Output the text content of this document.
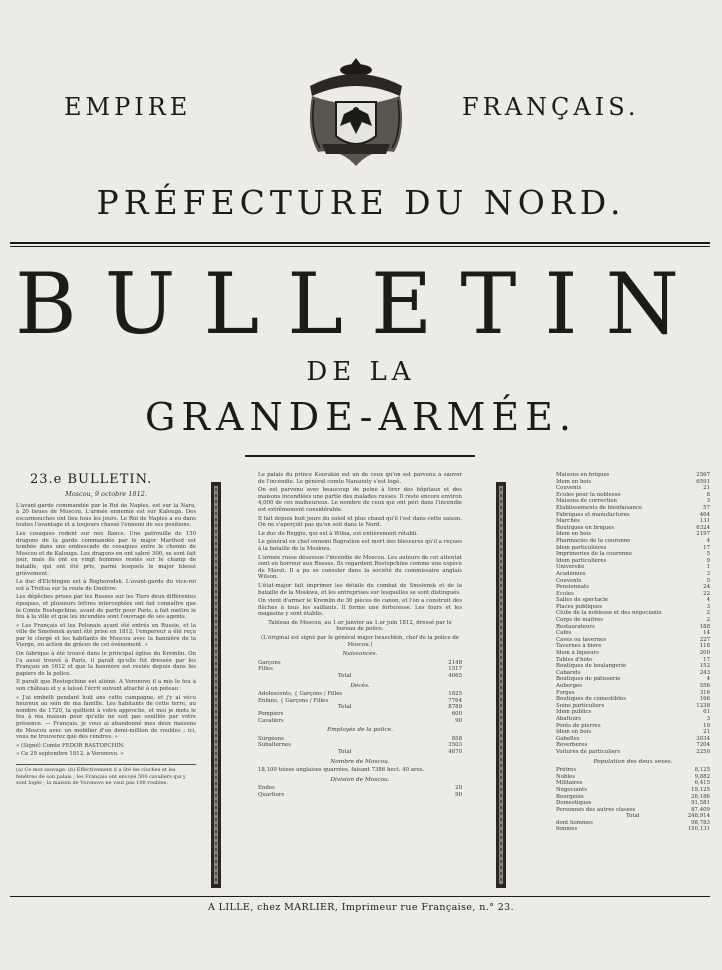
EMPIRE	FRANÇAIS.
PRÉFECTURE DU NORD.
BULLETIN
DE LA
GRANDE-ARMÉE.
23.e BULLETIN.
Moscou, 9 octobre 1812.

L'avant-garde commandée par le Roi de Naples, est sur la Nara, à 20 lieues de Moscou. L'armée ennemie est sur Kalouga. Des escarmouches ont lieu tous les jours. Le Roi de Naples a eu dans toutes l'avantage et a toujours chassé l'ennemi de ses positions.

Les cosaques rodent sur nos flancs. Une patrouille de 150 dragons de la garde commandée par le major Marthod est tombée dans une embuscade de cosaques entre le chemin de Moscou et de Kalouga. Les dragons en ont sabré 300, se sont fait jour, mais ils ont eu vingt hommes restés sur le champ de bataille, qui ont été pris, parmi lesquels le major blessé grièvement.

Le duc d'Elchingen est à Boghorodsk. L'avant-garde du vice-roi est à Troitsa sur la route de Dmitrov.

Les dépêches prises par les Russes sur les Tiers deux différentes époques, et plusieurs lettres interceptées ont fait connaître que le Comte Rostopchine, avant de partir pour Paris, a fait mettre le feu à la ville et que les incendies sont l'ouvrage de ses agents.

« Les Français et les Polonais ayant été entrés en Russie, et la ville de Smolensk ayant été prise en 1812, l'empereur a été reçu par le clergé et les habitants de Moscou avec la bannière de la Vierge, ou action de grâces de cet événement. »

On fabrique à été trouvé dans le principal église du Kremlin. On l'a aussi trouvé à Paris, il paraît qu'elle fut dressée par les Français en 1612 et que la bannière est restée depuis dans les papiers de la police.

Il paraît que Rostopchine est aliéné. A Voronovo il a mis le feu à son château et y a laissé l'écrit suivant attaché à un poteau :

« J'ai embelli pendant huit ans cette campagne, et j'y ai vécu heureux au sein de ma famille. Les habitants de cette terre, au nombre de 1720, la quittent à votre approche, et moi je mets le feu à ma maison pour qu'elle ne soit pas souillée par votre présence. — Français, je vous ai abandonné mes deux maisons de Moscou avec un mobilier d'un demi-million de roubles ; ici, vous ne trouverez que des cendres. »

» (Signé) Comte FEDOR RASTOPCHIN.

» Ce 29 septembre 1812, à Voronovo. »

(a) Ce mot sauvage. (b) Effectivement il a ôté les cloches et les fenêtres de son palais ; les Français ont envoyé 500 cavaliers qui y sont logés ; la maison de Voronovo ne vaut pas 100 roubles.

Le palais du prince Kourakin est un de ceux qu'on est parvenu à sauver de l'incendie. Le général comte Nansouty s'est logé.

On est parvenu avec beaucoup de peine à tirer des hôpitaux et des maisons incendiées une partie des malades russes. Il reste encore environ 4,000 de ces malheureux. Le nombre de ceux qui ont péri dans l'incendie est extrêmement considérable.

Il fait depuis huit jours du soleil et plus chaud qu'il l'est dans cette saison. On ne s'aperçoit pas qu'on soit dans le Nord.

Le duc de Reggio, qui est à Wilna, est entièrement rétabli.

Le général en chef ennemi Bagration est mort des blessures qu'il a reçues à la bataille de la Moskwa.

L'armée russe désavoue l'incendie de Moscou. Les auteurs de cet attentat sont en horreur aux Russes. Ils regardent Rostopchine comme une espèce de Marat. Il a pu se consoler dans la société du commissaire anglais Wilson.

L'état-major fait imprimer les détails du combat de Smolensk et de la bataille de la Moskwa, et les entreprises sur lesquelles se sont distingués.

On vient d'armer le Kremlin de 30 pièces de canon, et l'on a construit des flèches à tous les saillants. Il forme une forteresse. Les fours et les magasins y sont établis.

Tableau de Moscou, au 1.er janvier au 1.er juin 1812, dressé par le bureau de police.

(L'original est signé par le général major Iwaschkin, chef de la police de Moscou.)

Naissances.
Garçons	2148
Filles	1517
Total	4665
Décès.
Adolescents, { Garçons / Filles	1825
Enfans, { Garçons / Filles	7764
Total	8789
Pompiers	600
Cavaliers	90
Employés de la police.
Surgéons	858
Subalternes	3503
Total	4670
Nombre de Moscou.

18,100 toises anglaises quarrées, faisant 7386 hect. 40 ares.

Division de Moscou.
Endes	20
Quartiers	90
Maisons en briques	2567
Idem en bois	6591
Couvents	21
Écoles pour la noblesse	8
Maisons de correction	3
Établissements de bienfaisance	57
Fabriques et manufactures	464
Marchés	131
Boutiques en briques	6324
Idem en bois	2197
Pharmacies de la couronne	4
Idem particulières	17
Imprimeries de la couronne	5
Idem particulières	9
Université	1
Académies	3
Couvents	5
Pensionnats	24
Écoles	22
Salles de spectacle	4
Places publiques	3
Clubs de la noblesse et des négociants	2
Corps de maîtres	2
Restaurateurs	188
Cafés	14
Caves ou tavernes	227
Tavernes à bière	118
Idem à liqueurs	200
Tables d'hôte	17
Boutiques de boulangerie	152
Cabarets	243
Boutiques de pâtisserie	4
Auberges	556
Forges	316
Boutiques de comestibles	166
Soins particuliers	1238
Idem publics	61
Abattoirs	3
Ponts de pierres	10
Idem en bois	21
Gabelles	3034
Réverbères	7204
Voitures de particuliers	2250
Population des deux sexes.
Prêtres	8,125
Nobles	9,882
Militaires	6,415
Négociants	19,125
Bourgeois	26,186
Domestiques	91,581
Personnes des autres classes	87,409
Total	248,914
dont hommes	98,783
femmes	150,131
A LILLE, chez MARLIER, Imprimeur rue Française, n.° 23.
